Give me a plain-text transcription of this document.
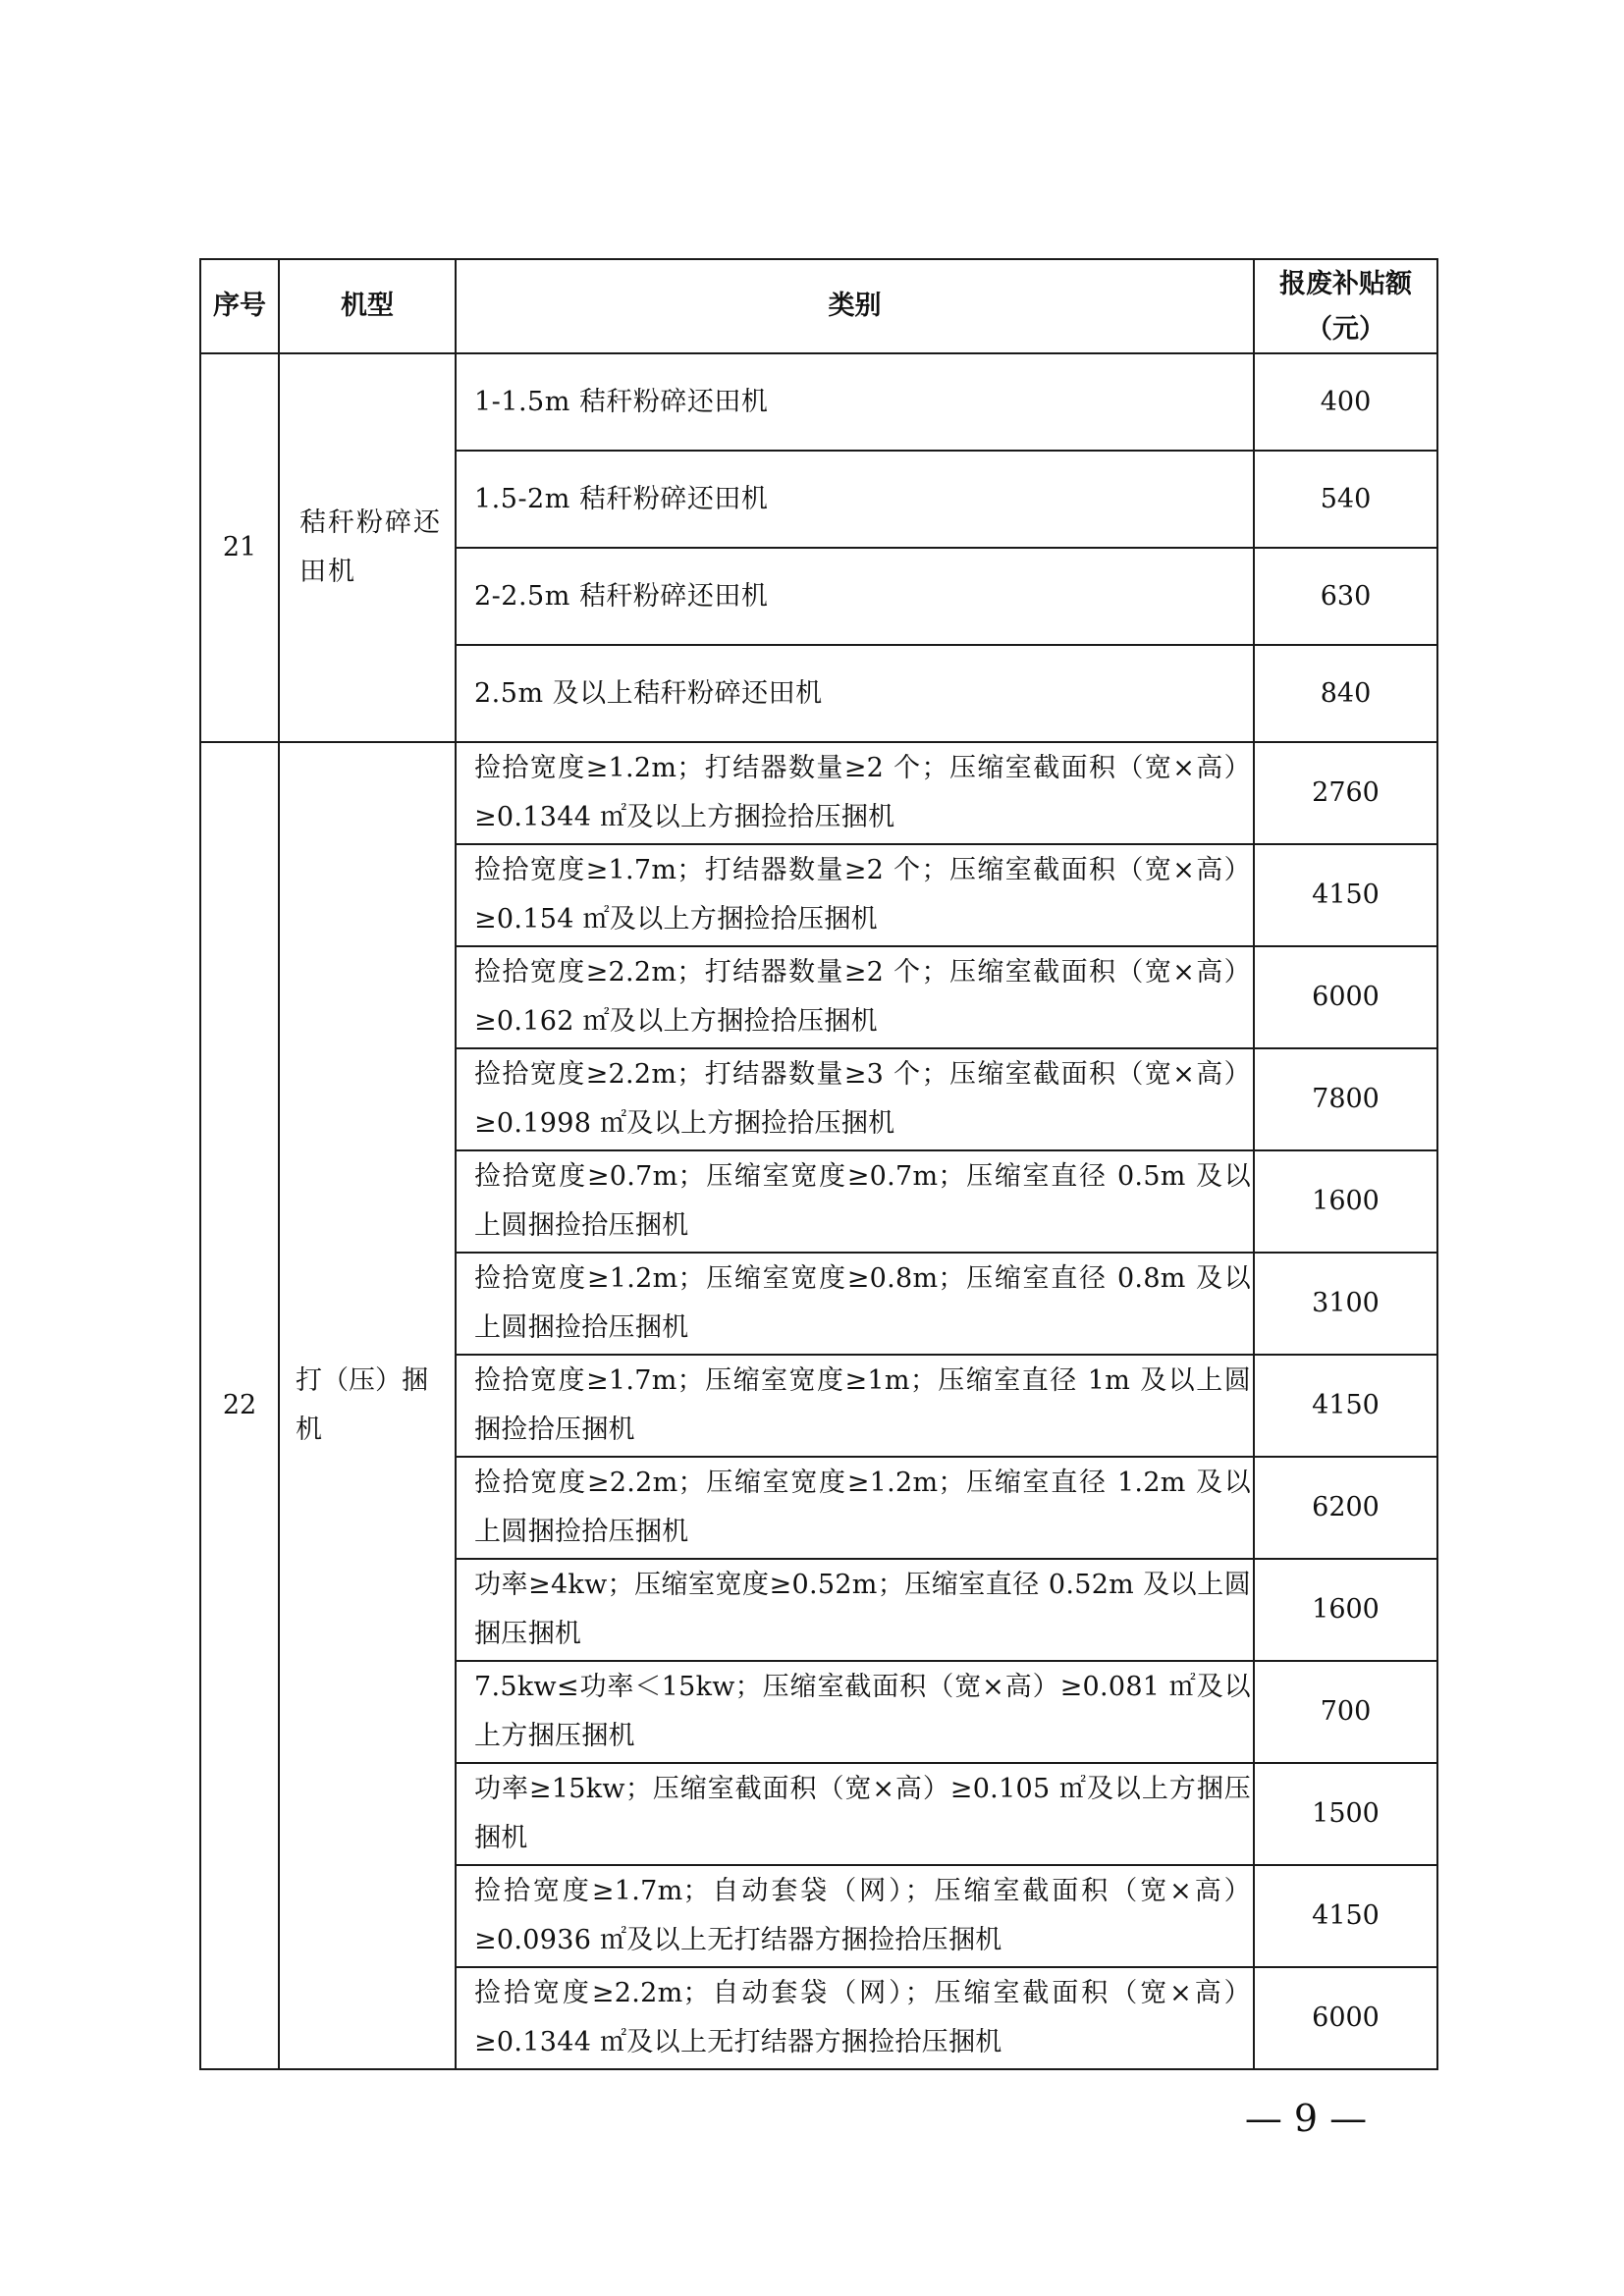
序号	机型	类别	报废补贴额
（元）
21	秸秆粉碎还田机	1-1.5m 秸秆粉碎还田机	400
		1.5-2m 秸秆粉碎还田机	540
		2-2.5m 秸秆粉碎还田机	630
		2.5m 及以上秸秆粉碎还田机	840
22	打（压）捆机	捡拾宽度≥1.2m；打结器数量≥2 个；压缩室截面积（宽×高）≥0.1344 ㎡及以上方捆捡拾压捆机	2760
		捡拾宽度≥1.7m；打结器数量≥2 个；压缩室截面积（宽×高）≥0.154 ㎡及以上方捆捡拾压捆机	4150
		捡拾宽度≥2.2m；打结器数量≥2 个；压缩室截面积（宽×高）≥0.162 ㎡及以上方捆捡拾压捆机	6000
		捡拾宽度≥2.2m；打结器数量≥3 个；压缩室截面积（宽×高）≥0.1998 ㎡及以上方捆捡拾压捆机	7800
		捡拾宽度≥0.7m；压缩室宽度≥0.7m；压缩室直径 0.5m 及以上圆捆捡拾压捆机	1600
		捡拾宽度≥1.2m；压缩室宽度≥0.8m；压缩室直径 0.8m 及以上圆捆捡拾压捆机	3100
		捡拾宽度≥1.7m；压缩室宽度≥1m；压缩室直径 1m 及以上圆捆捡拾压捆机	4150
		捡拾宽度≥2.2m；压缩室宽度≥1.2m；压缩室直径 1.2m 及以上圆捆捡拾压捆机	6200
		功率≥4kw；压缩室宽度≥0.52m；压缩室直径 0.52m 及以上圆捆压捆机	1600
		7.5kw≤功率＜15kw；压缩室截面积（宽×高）≥0.081 ㎡及以上方捆压捆机	700
		功率≥15kw；压缩室截面积（宽×高）≥0.105 ㎡及以上方捆压捆机	1500
		捡拾宽度≥1.7m；自动套袋（网）；压缩室截面积（宽×高）≥0.0936 ㎡及以上无打结器方捆捡拾压捆机	4150
		捡拾宽度≥2.2m；自动套袋（网）；压缩室截面积（宽×高）≥0.1344 ㎡及以上无打结器方捆捡拾压捆机	6000
— 9 —
